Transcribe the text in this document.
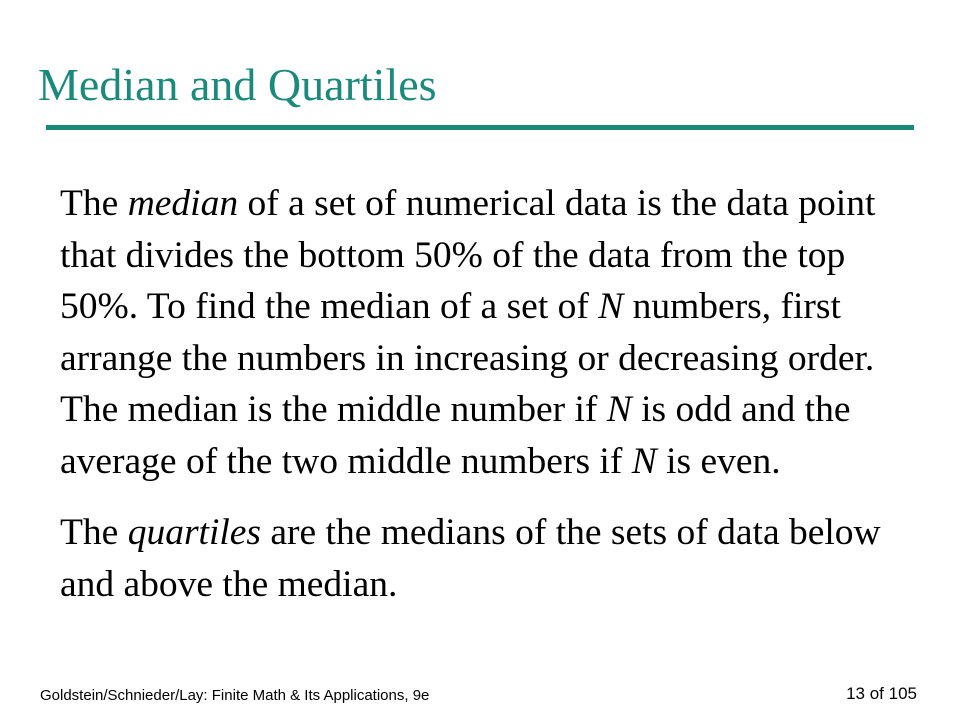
Median and Quartiles

The median of a set of numerical data is the data point that divides the bottom 50% of the data from the top 50%. To find the median of a set of N numbers, first arrange the numbers in increasing or decreasing order. The median is the middle number if N is odd and the average of the two middle numbers if N is even.

The quartiles are the medians of the sets of data below and above the median.

Goldstein/Schnieder/Lay: Finite Math & Its Applications, 9e	13 of 105
